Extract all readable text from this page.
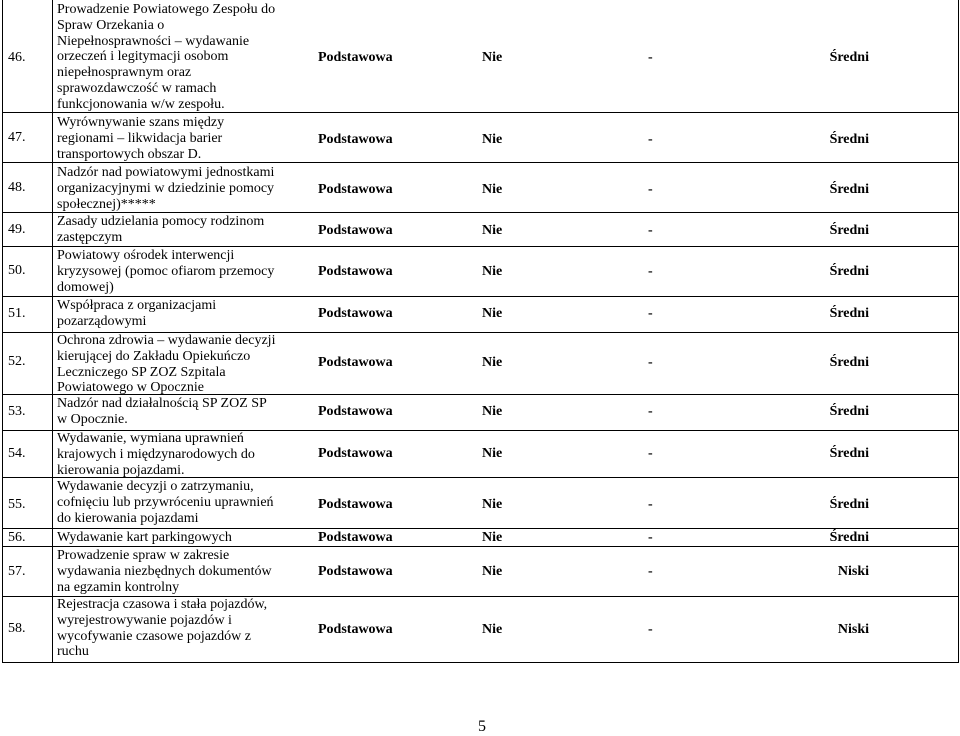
46.
Prowadzenie Powiatowego Zespołu do
Spraw Orzekania o
Niepełnosprawności – wydawanie
orzeczeń i legitymacji osobom
niepełnosprawnym oraz
sprawozdawczość w ramach
funkcjonowania w/w zespołu.
Podstawowa	Nie	-	Średni
47.
Wyrównywanie szans między
regionami – likwidacja barier
transportowych obszar D.
Podstawowa	Nie	-	Średni
48.
Nadzór nad powiatowymi jednostkami
organizacyjnymi w dziedzinie pomocy
społecznej)*****
Podstawowa	Nie	-	Średni
49.
Zasady udzielania pomocy rodzinom
zastępczym	Podstawowa	Nie	-	Średni
50.
Powiatowy ośrodek interwencji
kryzysowej (pomoc ofiarom przemocy
domowej)
Podstawowa	Nie	-	Średni
51.
Współpraca z organizacjami
pozarządowymi
Podstawowa	Nie	-	Średni
52.
Ochrona zdrowia – wydawanie decyzji
kierującej do Zakładu Opiekuńczo
Leczniczego SP ZOZ Szpitala
Powiatowego w Opocznie
Podstawowa	Nie	-	Średni
53.
Nadzór nad działalnością SP ZOZ SP
w Opocznie.
Podstawowa	Nie	-	Średni
54.
Wydawanie, wymiana uprawnień
krajowych i międzynarodowych do
kierowania pojazdami.
Podstawowa	Nie	-	Średni
55.
Wydawanie decyzji o zatrzymaniu,
cofnięciu lub przywróceniu uprawnień
do kierowania pojazdami
Podstawowa	Nie	-	Średni
56.	Wydawanie kart parkingowych	Podstawowa	Nie	-	Średni
57.
Prowadzenie spraw w zakresie
wydawania niezbędnych dokumentów
na egzamin kontrolny
Podstawowa	Nie	-	Niski
58.
Rejestracja czasowa i stała pojazdów,
wyrejestrowywanie pojazdów i
wycofywanie czasowe pojazdów z
ruchu
Podstawowa	Nie	-	Niski
5
